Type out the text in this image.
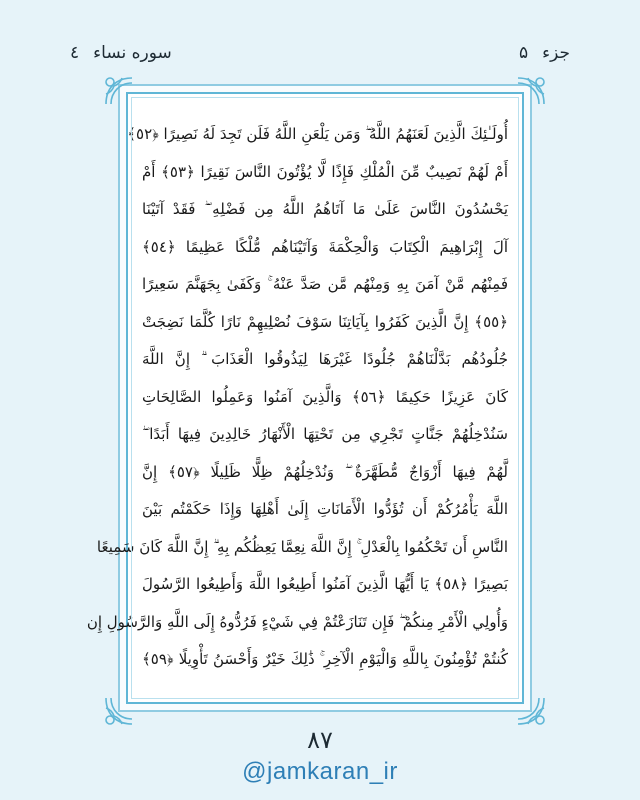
جزء
۵
سوره نساء
٤
أُولَـٰئِكَ الَّذِينَ لَعَنَهُمُ اللَّهُ ۖ وَمَن يَلْعَنِ اللَّهُ فَلَن تَجِدَ لَهُ نَصِيرًا ﴿٥٢﴾
أَمْ لَهُمْ نَصِيبٌ مِّنَ الْمُلْكِ فَإِذًا لَّا يُؤْتُونَ النَّاسَ نَقِيرًا ﴿٥٣﴾ أَمْ
يَحْسُدُونَ النَّاسَ عَلَىٰ مَا آتَاهُمُ اللَّهُ مِن فَضْلِهِ ۖ فَقَدْ آتَيْنَا
آلَ إِبْرَاهِيمَ الْكِتَابَ وَالْحِكْمَةَ وَآتَيْنَاهُم مُّلْكًا عَظِيمًا ﴿٥٤﴾
فَمِنْهُم مَّنْ آمَنَ بِهِ وَمِنْهُم مَّن صَدَّ عَنْهُ ۚ وَكَفَىٰ بِجَهَنَّمَ سَعِيرًا
﴿٥٥﴾ إِنَّ الَّذِينَ كَفَرُوا بِآيَاتِنَا سَوْفَ نُصْلِيهِمْ نَارًا كُلَّمَا نَضِجَتْ
جُلُودُهُم بَدَّلْنَاهُمْ جُلُودًا غَيْرَهَا لِيَذُوقُوا الْعَذَابَ ۗ إِنَّ اللَّهَ
كَانَ عَزِيزًا حَكِيمًا ﴿٥٦﴾ وَالَّذِينَ آمَنُوا وَعَمِلُوا الصَّالِحَاتِ
سَنُدْخِلُهُمْ جَنَّاتٍ تَجْرِي مِن تَحْتِهَا الْأَنْهَارُ خَالِدِينَ فِيهَا أَبَدًا ۖ
لَّهُمْ فِيهَا أَزْوَاجٌ مُّطَهَّرَةٌ ۖ وَنُدْخِلُهُمْ ظِلًّا ظَلِيلًا ﴿٥٧﴾ إِنَّ
اللَّهَ يَأْمُرُكُمْ أَن تُؤَدُّوا الْأَمَانَاتِ إِلَىٰ أَهْلِهَا وَإِذَا حَكَمْتُم بَيْنَ
النَّاسِ أَن تَحْكُمُوا بِالْعَدْلِ ۚ إِنَّ اللَّهَ نِعِمَّا يَعِظُكُم بِهِ ۗ إِنَّ اللَّهَ كَانَ سَمِيعًا
بَصِيرًا ﴿٥٨﴾ يَا أَيُّهَا الَّذِينَ آمَنُوا أَطِيعُوا اللَّهَ وَأَطِيعُوا الرَّسُولَ
وَأُولِي الْأَمْرِ مِنكُمْ ۖ فَإِن تَنَازَعْتُمْ فِي شَيْءٍ فَرُدُّوهُ إِلَى اللَّهِ وَالرَّسُولِ إِن
كُنتُمْ تُؤْمِنُونَ بِاللَّهِ وَالْيَوْمِ الْآخِرِ ۚ ذَٰلِكَ خَيْرٌ وَأَحْسَنُ تَأْوِيلًا ﴿٥٩﴾
۸۷
@jamkaran_ir
